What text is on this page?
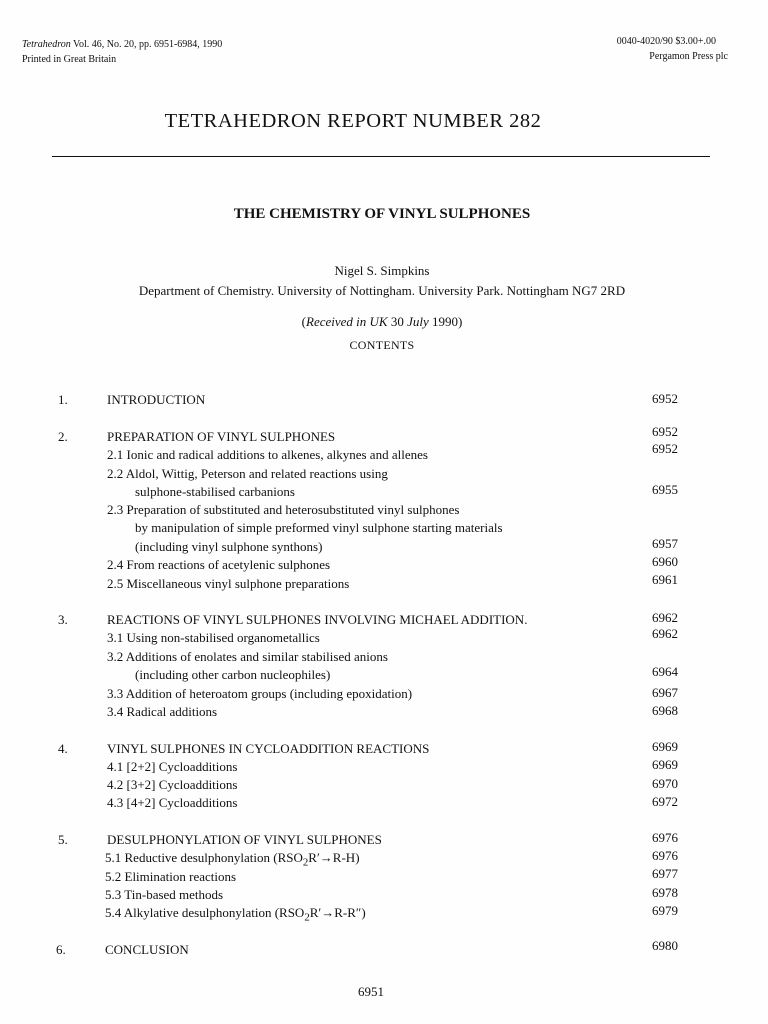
Tetrahedron Vol. 46, No. 20, pp. 6951-6984, 1990
Printed in Great Britain
0040-4020/90 $3.00+.00

Pergamon Press plc
TETRAHEDRON REPORT NUMBER 282
THE CHEMISTRY OF VINYL SULPHONES
Nigel S. Simpkins
Department of Chemistry. University of Nottingham. University Park. Nottingham NG7 2RD
(Received in UK 30 July 1990)
CONTENTS
1.	INTRODUCTION	6952
2.	PREPARATION OF VINYL SULPHONES	6952
2.1 Ionic and radical additions to alkenes, alkynes and allenes	6952
2.2 Aldol, Wittig, Peterson and related reactions using
sulphone-stabilised carbanions	6955
2.3 Preparation of substituted and heterosubstituted vinyl sulphones
by manipulation of simple preformed vinyl sulphone starting materials
(including vinyl sulphone synthons)	6957
2.4 From reactions of acetylenic sulphones	6960
2.5 Miscellaneous vinyl sulphone preparations	6961
3.	REACTIONS OF VINYL SULPHONES INVOLVING MICHAEL ADDITION.	6962
3.1 Using non-stabilised organometallics	6962
3.2 Additions of enolates and similar stabilised anions
(including other carbon nucleophiles)	6964
3.3 Addition of heteroatom groups (including epoxidation)	6967
3.4 Radical additions	6968
4.	VINYL SULPHONES IN CYCLOADDITION REACTIONS	6969
4.1 [2+2] Cycloadditions	6969
4.2 [3+2] Cycloadditions	6970
4.3 [4+2] Cycloadditions	6972
5.	DESULPHONYLATION OF VINYL SULPHONES	6976
5.1 Reductive desulphonylation $(RSO_2R'\to R-H)$	6976
5.2 Elimination reactions	6977
5.3 Tin-based methods	6978
5.4 Alkylative desulphonylation $(RSO_2R'\to R-R'')$	6979
6.	CONCLUSION	6980
6951
